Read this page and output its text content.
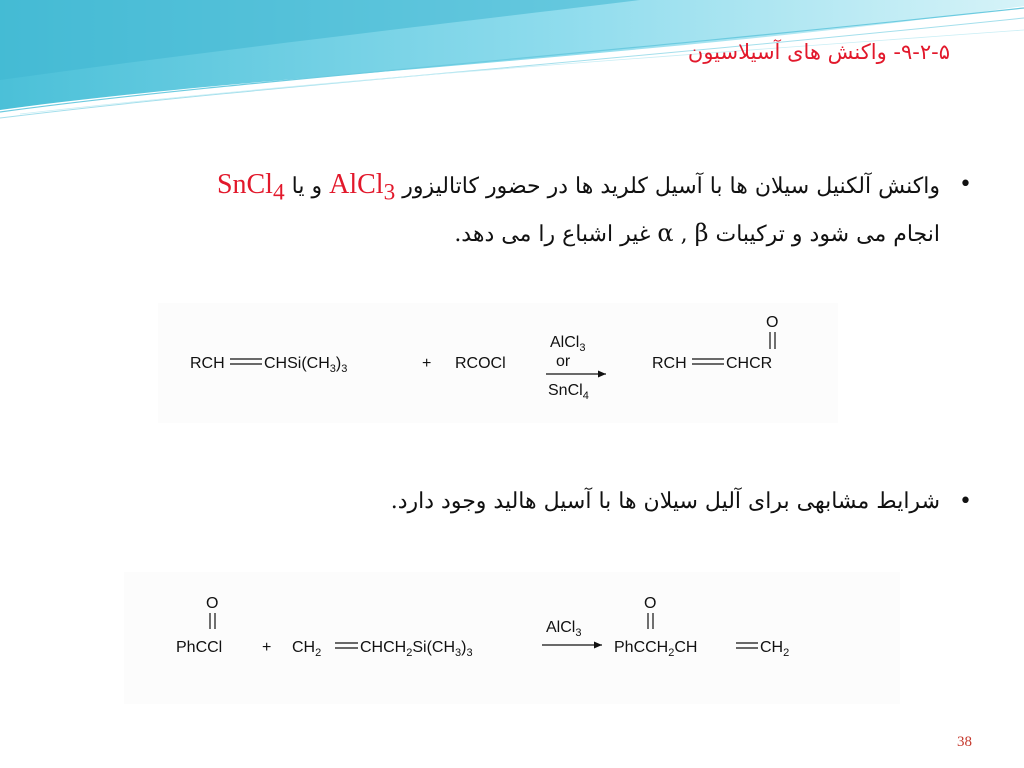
۹-۲-۵- واکنش های آسیلاسیون
•
واکنش آلکنیل سیلان ها با آسیل کلرید ها در حضور کاتالیزور AlCl$_3$ و یا SnCl$_4$
انجام می شود و ترکیبات α , β غیر اشباع را می دهد.
RCH $CHSi(CH_3)_3$	+ RCOCl
AlCl$_3$
or
SnCl$_4$
RCH CHCR
O
•
شرایط مشابهی برای آلیل سیلان ها با آسیل هالید وجود دارد.
O
PhCCl + $CH_2$ $CHCH_2Si(CH_3)_3$
AlCl$_3$
O
PhCCH$_2$CH	$CH_2$
38
